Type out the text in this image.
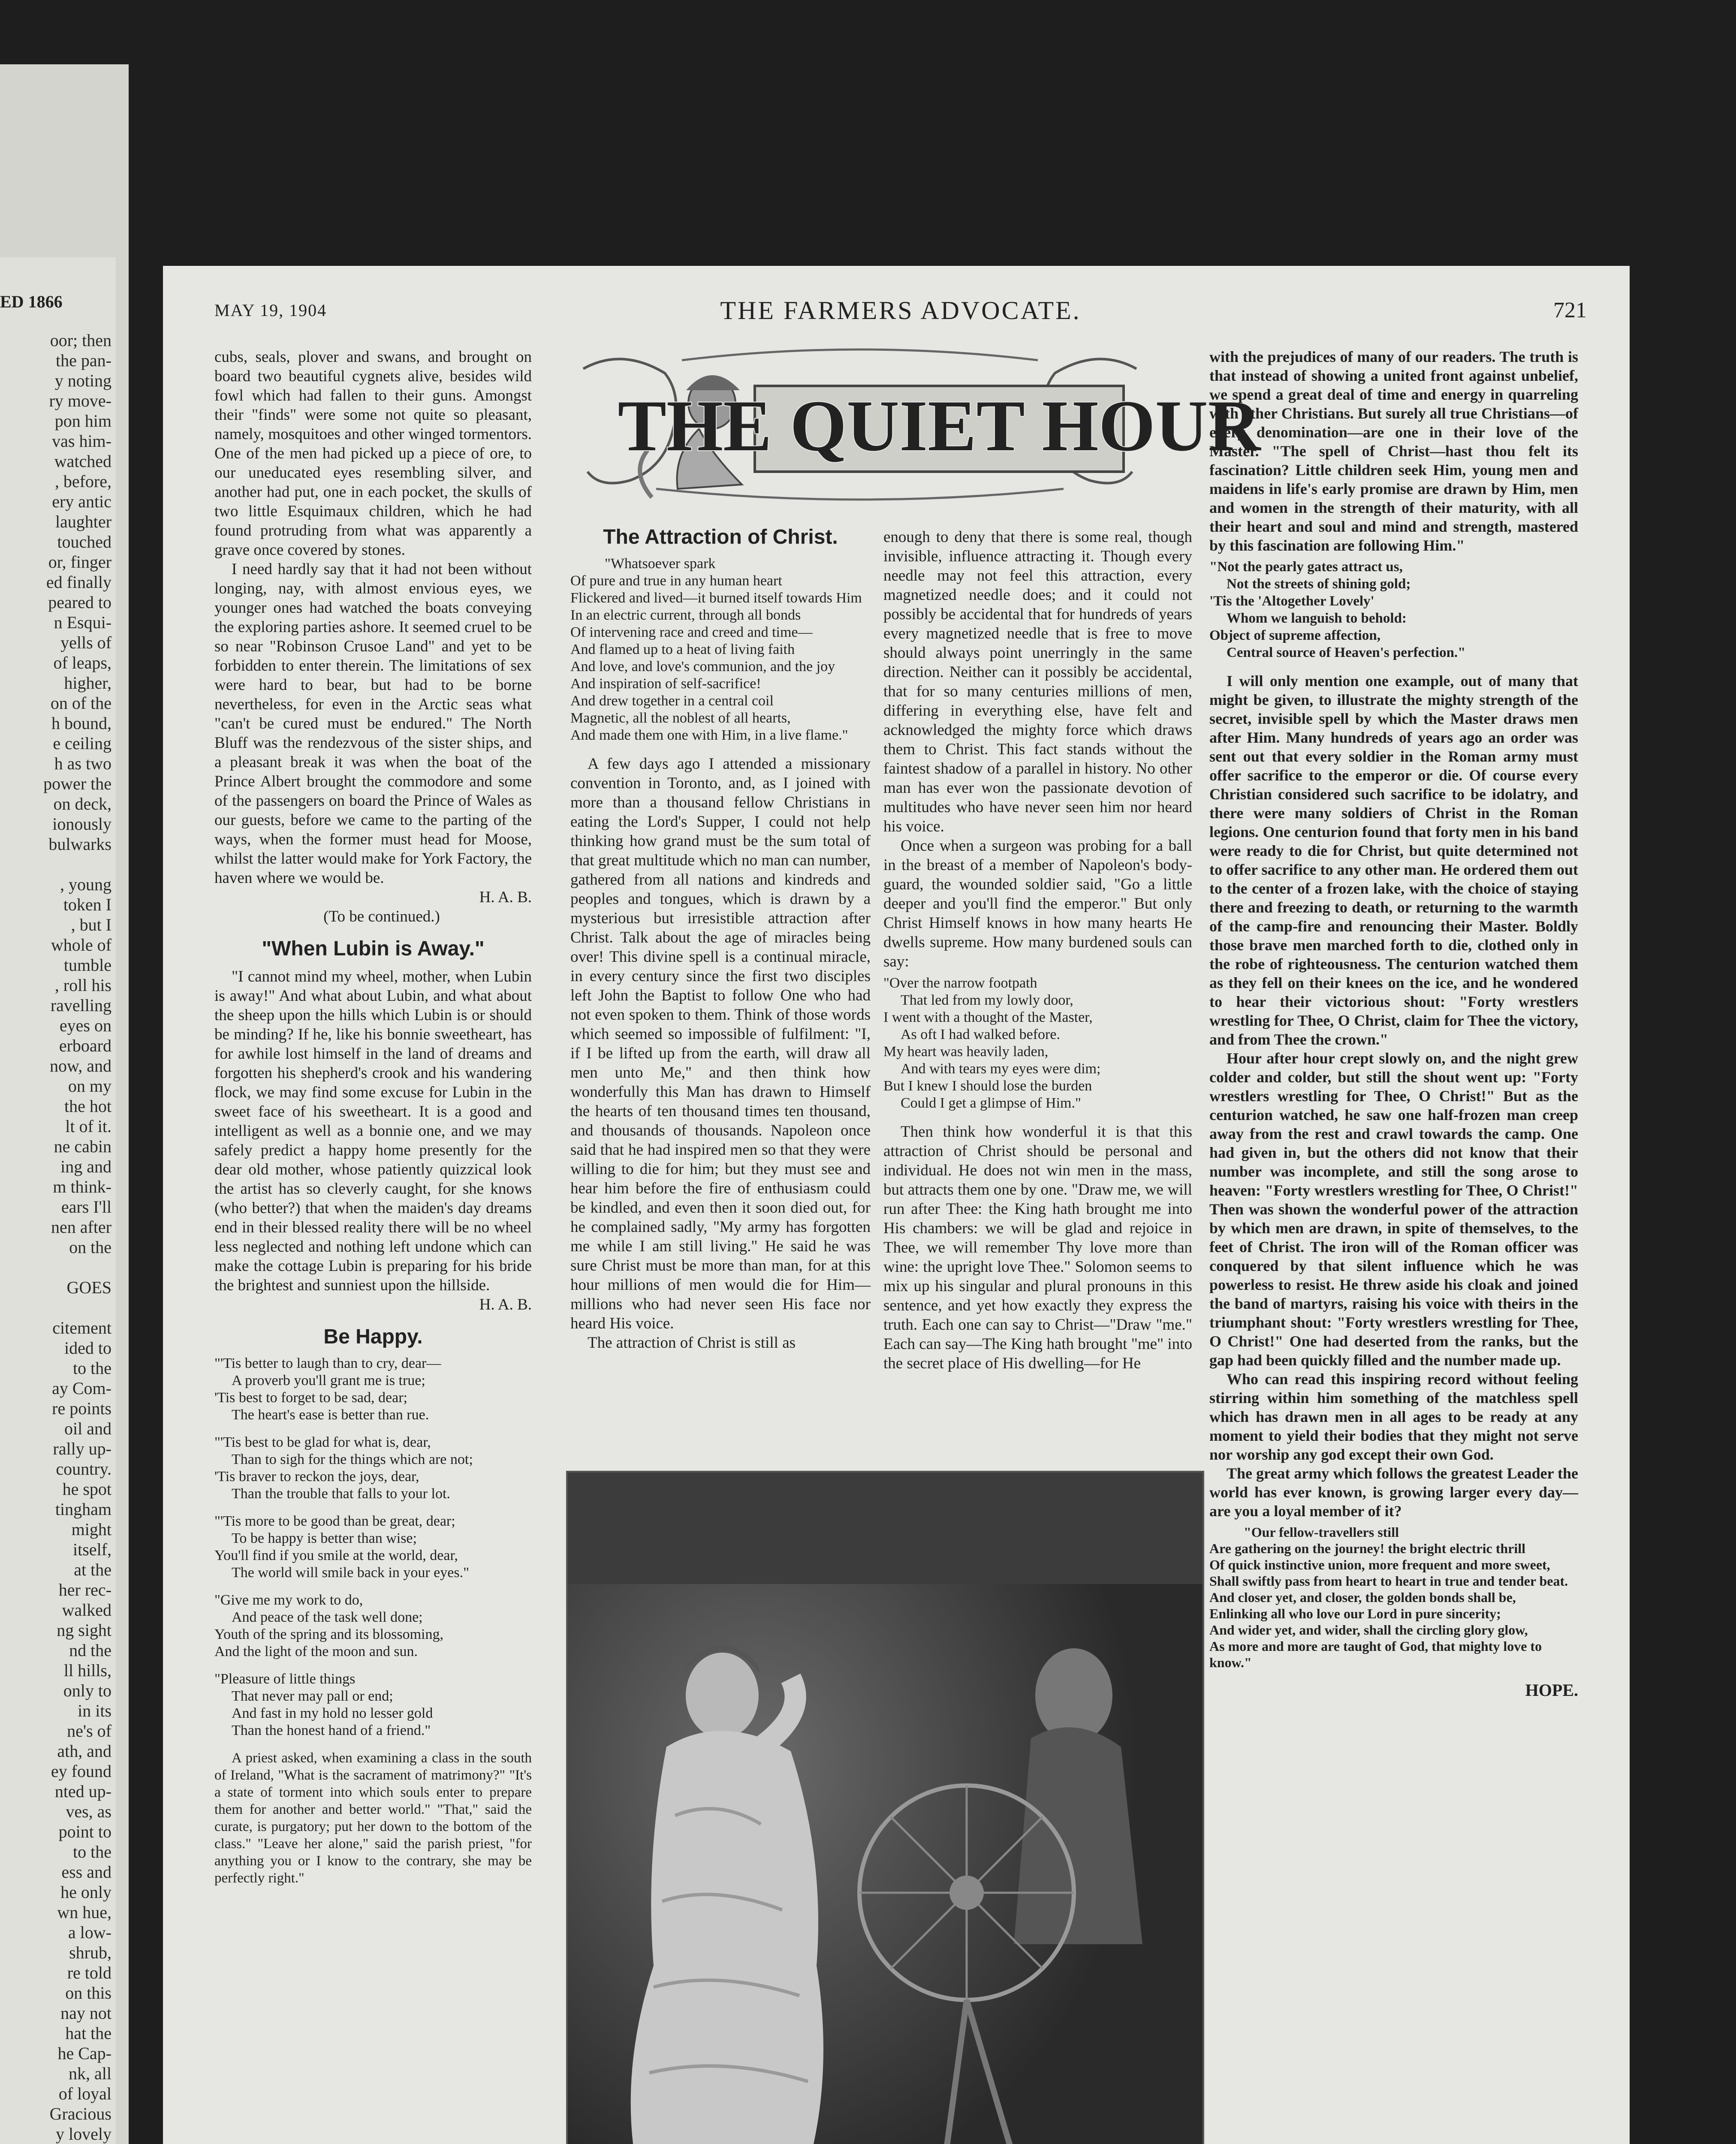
ED 1866
oor; then
the pan-
y noting
ry move-
pon him
vas him-
watched
, before,
ery antic
laughter
touched
or, finger
ed finally
peared to
n Esqui-
yells of
of leaps,
higher,
on of the
h bound,
e ceiling
h as two
power the
on deck,
ionously
bulwarks

, young
token I
, but I
whole of
tumble
, roll his
ravelling
eyes on
erboard
now, and
on my
the hot
lt of it.
ne cabin
ing and
m think-
ears I'll
nen after
on the

GOES

citement
ided to
to the
ay Com-
re points
oil and
rally up-
country.
he spot
tingham
might
itself,
at the
her rec-
walked
ng sight
nd the
ll hills,
only to
in its
ne's of
ath, and
ey found
nted up-
ves, as
point to
to the
ess and
he only
wn hue,
a low-
shrub,
re told
on this
nay not
hat the
he Cap-
nk, all
of loyal
Gracious
y lovely

MAY 19, 1904	THE FARMERS ADVOCATE.	721

cubs, seals, plover and swans, and brought on board two beautiful cygnets alive, besides wild fowl which had fallen to their guns. Amongst their "finds" were some not quite so pleasant, namely, mosquitoes and other winged tormentors. One of the men had picked up a piece of ore, to our uneducated eyes resembling silver, and another had put, one in each pocket, the skulls of two little Esquimaux children, which he had found protruding from what was apparently a grave once covered by stones.

I need hardly say that it had not been without longing, nay, with almost envious eyes, we younger ones had watched the boats conveying the exploring parties ashore. It seemed cruel to be so near "Robinson Crusoe Land" and yet to be forbidden to enter therein. The limitations of sex were hard to bear, but had to be borne nevertheless, for even in the Arctic seas what "can't be cured must be endured." The North Bluff was the rendezvous of the sister ships, and a pleasant break it was when the boat of the Prince Albert brought the commodore and some of the passengers on board the Prince of Wales as our guests, before we came to the parting of the ways, when the former must head for Moose, whilst the latter would make for York Factory, the haven where we would be.

H. A. B.

(To be continued.)

"When Lubin is Away."

"I cannot mind my wheel, mother, when Lubin is away!" And what about Lubin, and what about the sheep upon the hills which Lubin is or should be minding? If he, like his bonnie sweetheart, has for awhile lost himself in the land of dreams and forgotten his shepherd's crook and his wandering flock, we may find some excuse for Lubin in the sweet face of his sweetheart. It is a good and intelligent as well as a bonnie one, and we may safely predict a happy home presently for the dear old mother, whose patiently quizzical look the artist has so cleverly caught, for she knows (who better?) that when the maiden's day dreams end in their blessed reality there will be no wheel less neglected and nothing left undone which can make the cottage Lubin is preparing for his bride the brightest and sunniest upon the hillside.

H. A. B.

Be Happy.
"'Tis better to laugh than to cry, dear—
A proverb you'll grant me is true;
'Tis best to forget to be sad, dear;
The heart's ease is better than rue.
"'Tis best to be glad for what is, dear,
Than to sigh for the things which are not;
'Tis braver to reckon the joys, dear,
Than the trouble that falls to your lot.
"'Tis more to be good than be great, dear;
To be happy is better than wise;
You'll find if you smile at the world, dear,
The world will smile back in your eyes."
"Give me my work to do,
And peace of the task well done;
Youth of the spring and its blossoming,
And the light of the moon and sun.
"Pleasure of little things
That never may pall or end;
And fast in my hold no lesser gold
Than the honest hand of a friend."

A priest asked, when examining a class in the south of Ireland, "What is the sacrament of matrimony?" "It's a state of torment into which souls enter to prepare them for another and better world." "That," said the curate, is purgatory; put her down to the bottom of the class." "Leave her alone," said the parish priest, "for anything you or I know to the contrary, she may be perfectly right."

THE QUIET HOUR
The Attraction of Christ.
"Whatsoever spark
Of pure and true in any human heart
Flickered and lived—it burned itself towards Him
In an electric current, through all bonds
Of intervening race and creed and time—
And flamed up to a heat of living faith
And love, and love's communion, and the joy
And inspiration of self-sacrifice!
And drew together in a central coil
Magnetic, all the noblest of all hearts,
And made them one with Him, in a live flame."

A few days ago I attended a missionary convention in Toronto, and, as I joined with more than a thousand fellow Christians in eating the Lord's Supper, I could not help thinking how grand must be the sum total of that great multitude which no man can number, gathered from all nations and kindreds and peoples and tongues, which is drawn by a mysterious but irresistible attraction after Christ. Talk about the age of miracles being over! This divine spell is a continual miracle, in every century since the first two disciples left John the Baptist to follow One who had not even spoken to them. Think of those words which seemed so impossible of fulfilment: "I, if I be lifted up from the earth, will draw all men unto Me," and then think how wonderfully this Man has drawn to Himself the hearts of ten thousand times ten thousand, and thousands of thousands. Napoleon once said that he had inspired men so that they were willing to die for him; but they must see and hear him before the fire of enthusiasm could be kindled, and even then it soon died out, for he complained sadly, "My army has forgotten me while I am still living." He said he was sure Christ must be more than man, for at this hour millions of men would die for Him—millions who had never seen His face nor heard His voice.

The attraction of Christ is still as

enough to deny that there is some real, though invisible, influence attracting it. Though every needle may not feel this attraction, every magnetized needle does; and it could not possibly be accidental that for hundreds of years every magnetized needle that is free to move should always point unerringly in the same direction. Neither can it possibly be accidental, that for so many centuries millions of men, differing in everything else, have felt and acknowledged the mighty force which draws them to Christ. This fact stands without the faintest shadow of a parallel in history. No other man has ever won the passionate devotion of multitudes who have never seen him nor heard his voice.

Once when a surgeon was probing for a ball in the breast of a member of Napoleon's body-guard, the wounded soldier said, "Go a little deeper and you'll find the emperor." But only Christ Himself knows in how many hearts He dwells supreme. How many burdened souls can say:

"Over the narrow footpath
That led from my lowly door,
I went with a thought of the Master,
As oft I had walked before.
My heart was heavily laden,
And with tears my eyes were dim;
But I knew I should lose the burden
Could I get a glimpse of Him."

Then think how wonderful it is that this attraction of Christ should be personal and individual. He does not win men in the mass, but attracts them one by one. "Draw me, we will run after Thee: the King hath brought me into His chambers: we will be glad and rejoice in Thee, we will remember Thy love more than wine: the upright love Thee." Solomon seems to mix up his singular and plural pronouns in this sentence, and yet how exactly they express the truth. Each one can say to Christ—"Draw "me." Each can say—The King hath brought "me" into the secret place of His dwelling—for He

with the prejudices of many of our readers. The truth is that instead of showing a united front against unbelief, we spend a great deal of time and energy in quarreling with other Christians. But surely all true Christians—of every denomination—are one in their love of the Master. "The spell of Christ—hast thou felt its fascination? Little children seek Him, young men and maidens in life's early promise are drawn by Him, men and women in the strength of their maturity, with all their heart and soul and mind and strength, mastered by this fascination are following Him."

"Not the pearly gates attract us,
Not the streets of shining gold;
'Tis the 'Altogether Lovely'
Whom we languish to behold:
Object of supreme affection,
Central source of Heaven's perfection."

I will only mention one example, out of many that might be given, to illustrate the mighty strength of the secret, invisible spell by which the Master draws men after Him. Many hundreds of years ago an order was sent out that every soldier in the Roman army must offer sacrifice to the emperor or die. Of course every Christian considered such sacrifice to be idolatry, and there were many soldiers of Christ in the Roman legions. One centurion found that forty men in his band were ready to die for Christ, but quite determined not to offer sacrifice to any other man. He ordered them out to the center of a frozen lake, with the choice of staying there and freezing to death, or returning to the warmth of the camp-fire and renouncing their Master. Boldly those brave men marched forth to die, clothed only in the robe of righteousness. The centurion watched them as they fell on their knees on the ice, and he wondered to hear their victorious shout: "Forty wrestlers wrestling for Thee, O Christ, claim for Thee the victory, and from Thee the crown."

Hour after hour crept slowly on, and the night grew colder and colder, but still the shout went up: "Forty wrestlers wrestling for Thee, O Christ!" But as the centurion watched, he saw one half-frozen man creep away from the rest and crawl towards the camp. One had given in, but the others did not know that their number was incomplete, and still the song arose to heaven: "Forty wrestlers wrestling for Thee, O Christ!" Then was shown the wonderful power of the attraction by which men are drawn, in spite of themselves, to the feet of Christ. The iron will of the Roman officer was conquered by that silent influence which he was powerless to resist. He threw aside his cloak and joined the band of martyrs, raising his voice with theirs in the triumphant shout: "Forty wrestlers wrestling for Thee, O Christ!" One had deserted from the ranks, but the gap had been quickly filled and the number made up.

Who can read this inspiring record without feeling stirring within him something of the matchless spell which has drawn men in all ages to be ready at any moment to yield their bodies that they might not serve nor worship any god except their own God.

The great army which follows the greatest Leader the world has ever known, is growing larger every day—are you a loyal member of it?

"Our fellow-travellers still
Are gathering on the journey! the bright electric thrill
Of quick instinctive union, more frequent and more sweet,
Shall swiftly pass from heart to heart in true and tender beat.
And closer yet, and closer, the golden bonds shall be,
Enlinking all who love our Lord in pure sincerity;
And wider yet, and wider, shall the circling glory glow,
As more and more are taught of God, that mighty love to know."
HOPE.
